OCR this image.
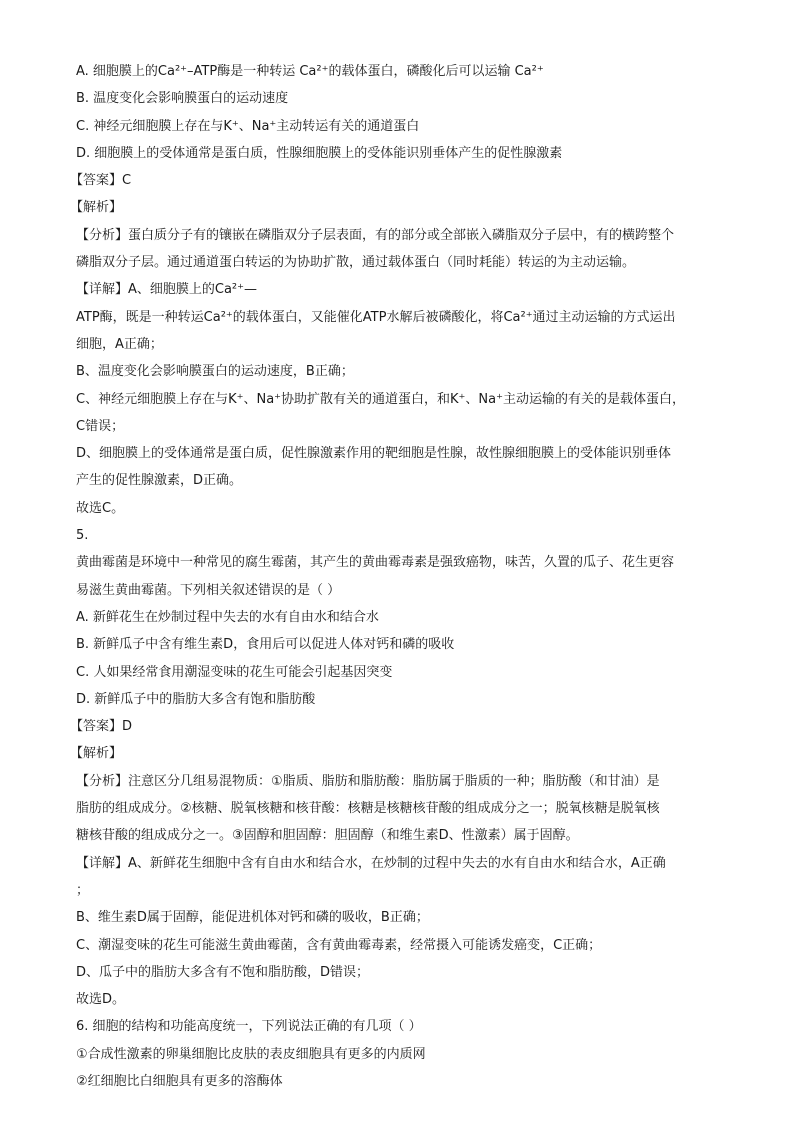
A. 细胞膜上的Ca²⁺–ATP酶是一种转运 Ca²⁺的载体蛋白，磷酸化后可以运输 Ca²⁺
B. 温度变化会影响膜蛋白的运动速度
C. 神经元细胞膜上存在与K⁺、Na⁺主动转运有关的通道蛋白
D. 细胞膜上的受体通常是蛋白质，性腺细胞膜上的受体能识别垂体产生的促性腺激素
【答案】C
【解析】
【分析】蛋白质分子有的镶嵌在磷脂双分子层表面，有的部分或全部嵌入磷脂双分子层中，有的横跨整个
磷脂双分子层。通过通道蛋白转运的为协助扩散，通过载体蛋白（同时耗能）转运的为主动运输。
【详解】A、细胞膜上的Ca²⁺—
ATP酶，既是一种转运Ca²⁺的载体蛋白，又能催化ATP水解后被磷酸化，将Ca²⁺通过主动运输的方式运出
细胞，A正确；
B、温度变化会影响膜蛋白的运动速度，B正确；
C、神经元细胞膜上存在与K⁺、Na⁺协助扩散有关的通道蛋白，和K⁺、Na⁺主动运输的有关的是载体蛋白，
C错误；
D、细胞膜上的受体通常是蛋白质，促性腺激素作用的靶细胞是性腺，故性腺细胞膜上的受体能识别垂体
产生的促性腺激素，D正确。
故选C。
5.
黄曲霉菌是环境中一种常见的腐生霉菌，其产生的黄曲霉毒素是强致癌物，味苦，久置的瓜子、花生更容
易滋生黄曲霉菌。下列相关叙述错误的是（ ）
A. 新鲜花生在炒制过程中失去的水有自由水和结合水
B. 新鲜瓜子中含有维生素D，食用后可以促进人体对钙和磷的吸收
C. 人如果经常食用潮湿变味的花生可能会引起基因突变
D. 新鲜瓜子中的脂肪大多含有饱和脂肪酸
【答案】D
【解析】
【分析】注意区分几组易混物质：①脂质、脂肪和脂肪酸：脂肪属于脂质的一种；脂肪酸（和甘油）是
脂肪的组成成分。②核糖、脱氧核糖和核苷酸：核糖是核糖核苷酸的组成成分之一；脱氧核糖是脱氧核
糖核苷酸的组成成分之一。③固醇和胆固醇：胆固醇（和维生素D、性激素）属于固醇。
【详解】A、新鲜花生细胞中含有自由水和结合水，在炒制的过程中失去的水有自由水和结合水，A正确
；
B、维生素D属于固醇，能促进机体对钙和磷的吸收，B正确；
C、潮湿变味的花生可能滋生黄曲霉菌，含有黄曲霉毒素，经常摄入可能诱发癌变，C正确；
D、瓜子中的脂肪大多含有不饱和脂肪酸，D错误；
故选D。
6. 细胞的结构和功能高度统一，下列说法正确的有几项（ ）
①合成性激素的卵巢细胞比皮肤的表皮细胞具有更多的内质网
②红细胞比白细胞具有更多的溶酶体
